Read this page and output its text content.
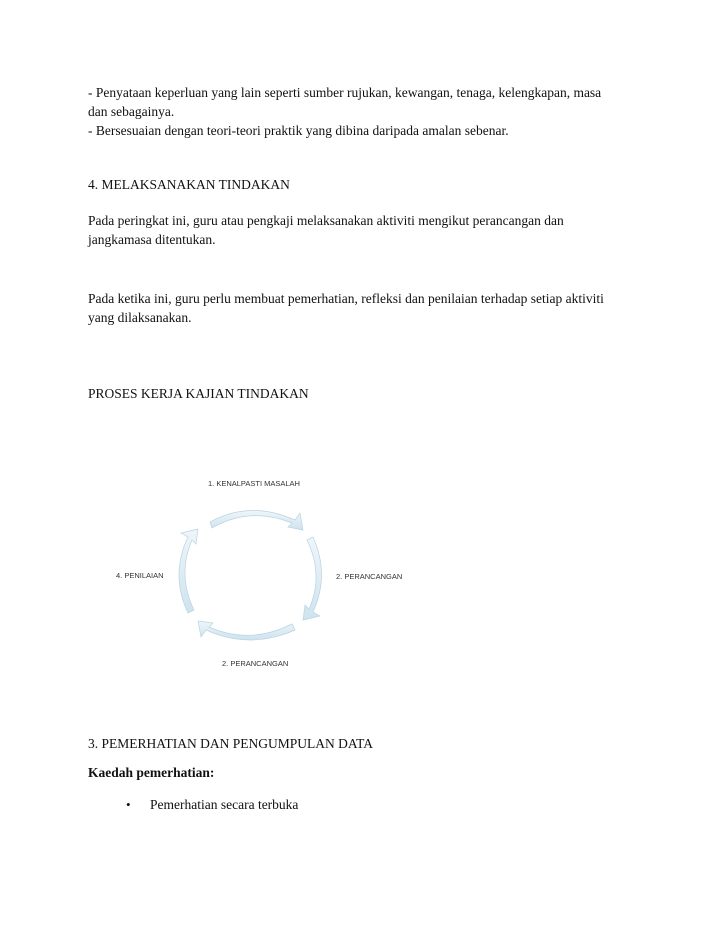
- Penyataan keperluan yang lain seperti sumber rujukan, kewangan, tenaga, kelengkapan, masa

dan sebagainya.

- Bersesuaian dengan teori-teori praktik yang dibina daripada amalan sebenar.

4. MELAKSANAKAN TINDAKAN

Pada peringkat ini, guru atau pengkaji melaksanakan aktiviti mengikut perancangan dan

jangkamasa ditentukan.

Pada ketika ini, guru perlu membuat pemerhatian, refleksi dan penilaian terhadap setiap aktiviti

yang dilaksanakan.

PROSES KERJA KAJIAN TINDAKAN

1. KENALPASTI MASALAH
2. PERANCANGAN
2. PERANCANGAN
4. PENILAIAN

3. PEMERHATIAN DAN PENGUMPULAN DATA

Kaedah pemerhatian:

•	Pemerhatian secara terbuka
